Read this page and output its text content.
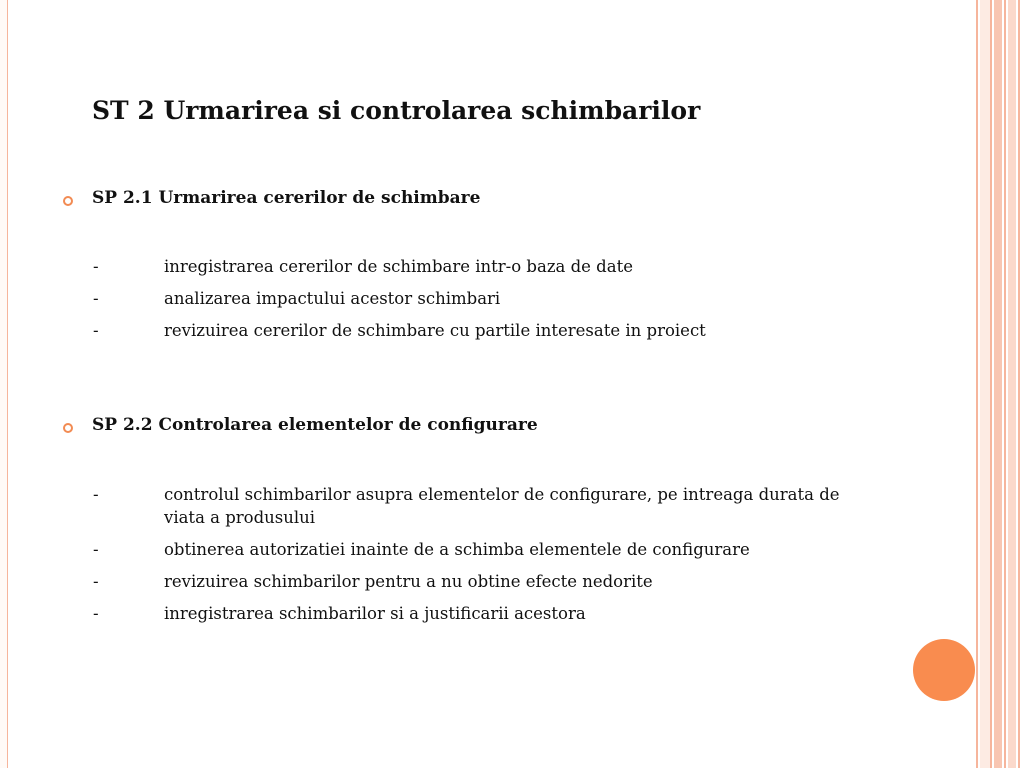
ST 2 Urmarirea si controlarea schimbarilor
SP 2.1 Urmarirea cererilor de schimbare
-	inregistrarea cererilor de schimbare intr-o baza de date
-	analizarea impactului acestor schimbari
-	revizuirea cererilor de schimbare cu partile interesate in proiect
SP 2.2 Controlarea elementelor de configurare
-	controlul schimbarilor asupra elementelor de configurare, pe intreaga durata de viata a produsului
-	obtinerea autorizatiei inainte de a schimba elementele de configurare
-	revizuirea schimbarilor pentru a nu obtine efecte nedorite
-	inregistrarea schimbarilor si a justificarii acestora
